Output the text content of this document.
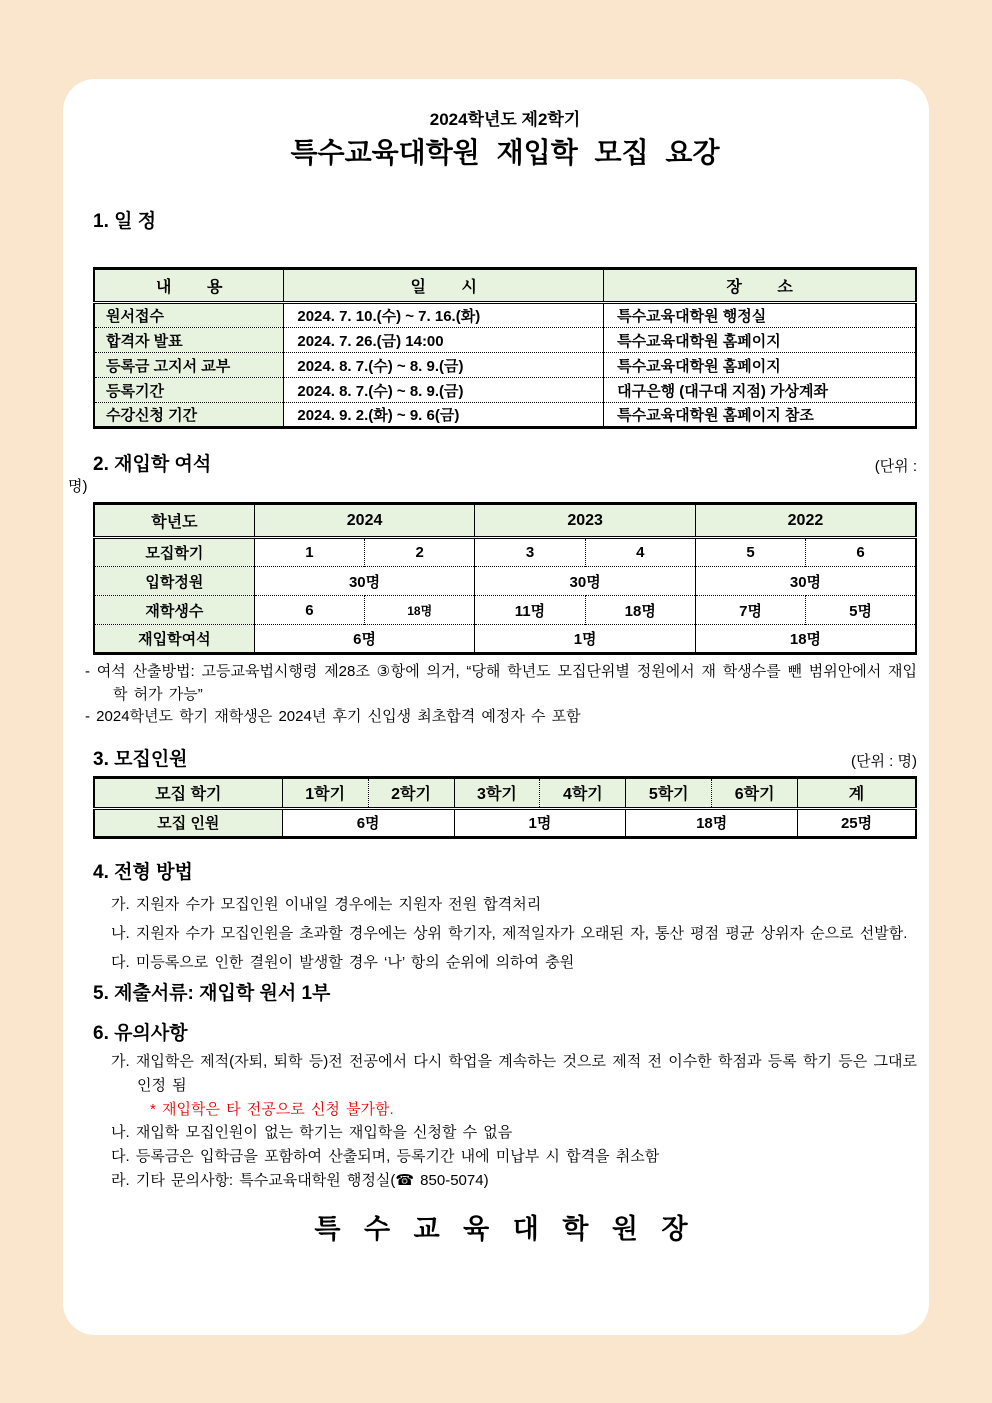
2024학년도 제2학기
특수교육대학원 재입학 모집 요강
1. 일 정
내        용	일        시	장        소
원서접수	2024. 7. 10.(수) ~ 7. 16.(화)	특수교육대학원 행정실
합격자 발표	2024. 7. 26.(금) 14:00	특수교육대학원 홈페이지
등록금 고지서 교부	2024. 8. 7.(수) ~ 8. 9.(금)	특수교육대학원 홈페이지
등록기간	2024. 8. 7.(수) ~ 8. 9.(금)	대구은행 (대구대 지점) 가상계좌
수강신청 기간	2024. 9. 2.(화) ~ 9. 6(금)	특수교육대학원 홈페이지 참조
2. 재입학 여석	(단위 :
명)
학년도	2024		2023		2022	
모집학기	1	2	3	4	5	6
입학정원	30명		30명		30명	
재학생수	6	18명	11명	18명	7명	5명
재입학여석	6명		1명		18명	
- 여석 산출방법: 고등교육법시행령 제28조 ③항에 의거, “당해 학년도 모집단위별 정원에서 재 학생수를 뺀 범위안에서 재입학 허가 가능”
- 2024학년도 학기 재학생은 2024년 후기 신입생 최초합격 예정자 수 포함
3. 모집인원	(단위 : 명)
모집 학기	1학기	2학기	3학기	4학기	5학기	6학기	계
모집 인원	6명		1명		18명		25명
4. 전형 방법
가. 지원자 수가 모집인원 이내일 경우에는 지원자 전원 합격처리
나. 지원자 수가 모집인원을 초과할 경우에는 상위 학기자, 제적일자가 오래된 자, 통산 평점 평균 상위자 순으로 선발함.
다. 미등록으로 인한 결원이 발생할 경우 ‘나’ 항의 순위에 의하여 충원
5. 제출서류: 재입학 원서 1부
6. 유의사항
가. 재입학은 제적(자퇴, 퇴학 등)전 전공에서 다시 학업을 계속하는 것으로 제적 전 이수한 학점과 등록 학기 등은 그대로 인정 됨
* 재입학은 타 전공으로 신청 불가함.
나. 재입학 모집인원이 없는 학기는 재입학을 신청할 수 없음
다. 등록금은 입학금을 포함하여 산출되며, 등록기간 내에 미납부 시 합격을 취소함
라. 기타 문의사항: 특수교육대학원 행정실(☎ 850-5074)
특 수 교 육 대 학 원 장
